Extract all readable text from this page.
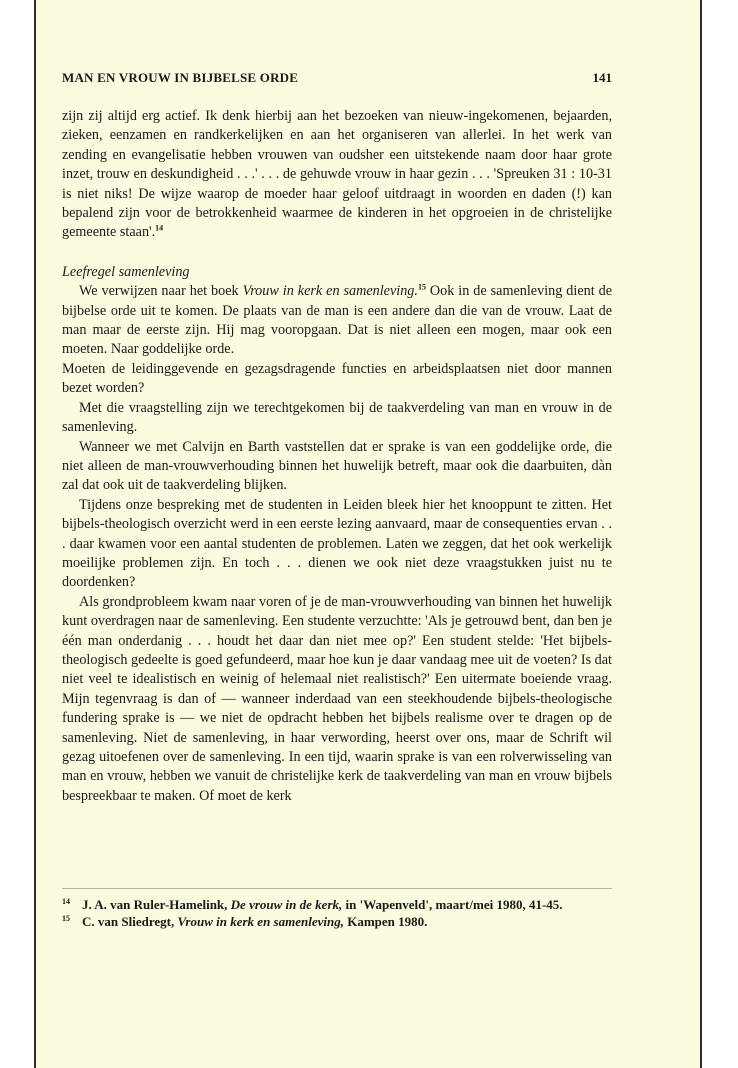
MAN EN VROUW IN BIJBELSE ORDE	141

zijn zij altijd erg actief. Ik denk hierbij aan het bezoeken van nieuw-ingekomenen, bejaarden, zieken, eenzamen en randkerkelijken en aan het organiseren van allerlei. In het werk van zending en evangelisatie hebben vrouwen van oudsher een uitstekende naam door haar grote inzet, trouw en deskundigheid . . .' . . . de gehuwde vrouw in haar gezin . . . 'Spreuken 31 : 10-31 is niet niks! De wijze waarop de moeder haar geloof uitdraagt in woorden en daden (!) kan bepalend zijn voor de betrokkenheid waarmee de kinderen in het opgroeien in de christelijke gemeente staan'.$^{14}$

Leefregel samenleving

We verwijzen naar het boek Vrouw in kerk en samenleving.$^{15}$ Ook in de samenleving dient de bijbelse orde uit te komen. De plaats van de man is een andere dan die van de vrouw. Laat de man maar de eerste zijn. Hij mag vooropgaan. Dat is niet alleen een mogen, maar ook een moeten. Naar goddelijke orde.

Moeten de leidinggevende en gezagsdragende functies en arbeidsplaatsen niet door mannen bezet worden?

Met die vraagstelling zijn we terechtgekomen bij de taakverdeling van man en vrouw in de samenleving.

Wanneer we met Calvijn en Barth vaststellen dat er sprake is van een goddelijke orde, die niet alleen de man-vrouwverhouding binnen het huwelijk betreft, maar ook die daarbuiten, dàn zal dat ook uit de taakverdeling blijken.

Tijdens onze bespreking met de studenten in Leiden bleek hier het knooppunt te zitten. Het bijbels-theologisch overzicht werd in een eerste lezing aanvaard, maar de consequenties ervan . . . daar kwamen voor een aantal studenten de problemen. Laten we zeggen, dat het ook werkelijk moeilijke problemen zijn. En toch . . . dienen we ook niet deze vraagstukken juist nu te doordenken?

Als grondprobleem kwam naar voren of je de man-vrouwverhouding van binnen het huwelijk kunt overdragen naar de samenleving. Een studente verzuchtte: 'Als je getrouwd bent, dan ben je één man onderdanig . . . houdt het daar dan niet mee op?' Een student stelde: 'Het bijbels-theologisch gedeelte is goed gefundeerd, maar hoe kun je daar vandaag mee uit de voeten? Is dat niet veel te idealistisch en weinig of helemaal niet realistisch?' Een uitermate boeiende vraag. Mijn tegenvraag is dan of — wanneer inderdaad van een steekhoudende bijbels-theologische fundering sprake is — we niet de opdracht hebben het bijbels realisme over te dragen op de samenleving. Niet de samenleving, in haar verwording, heerst over ons, maar de Schrift wil gezag uitoefenen over de samenleving. In een tijd, waarin sprake is van een rolverwisseling van man en vrouw, hebben we vanuit de christelijke kerk de taakverdeling van man en vrouw bijbels bespreekbaar te maken. Of moet de kerk

14 J. A. van Ruler-Hamelink, De vrouw in de kerk, in 'Wapenveld', maart/mei 1980, 41-45.

15 C. van Sliedregt, Vrouw in kerk en samenleving, Kampen 1980.
